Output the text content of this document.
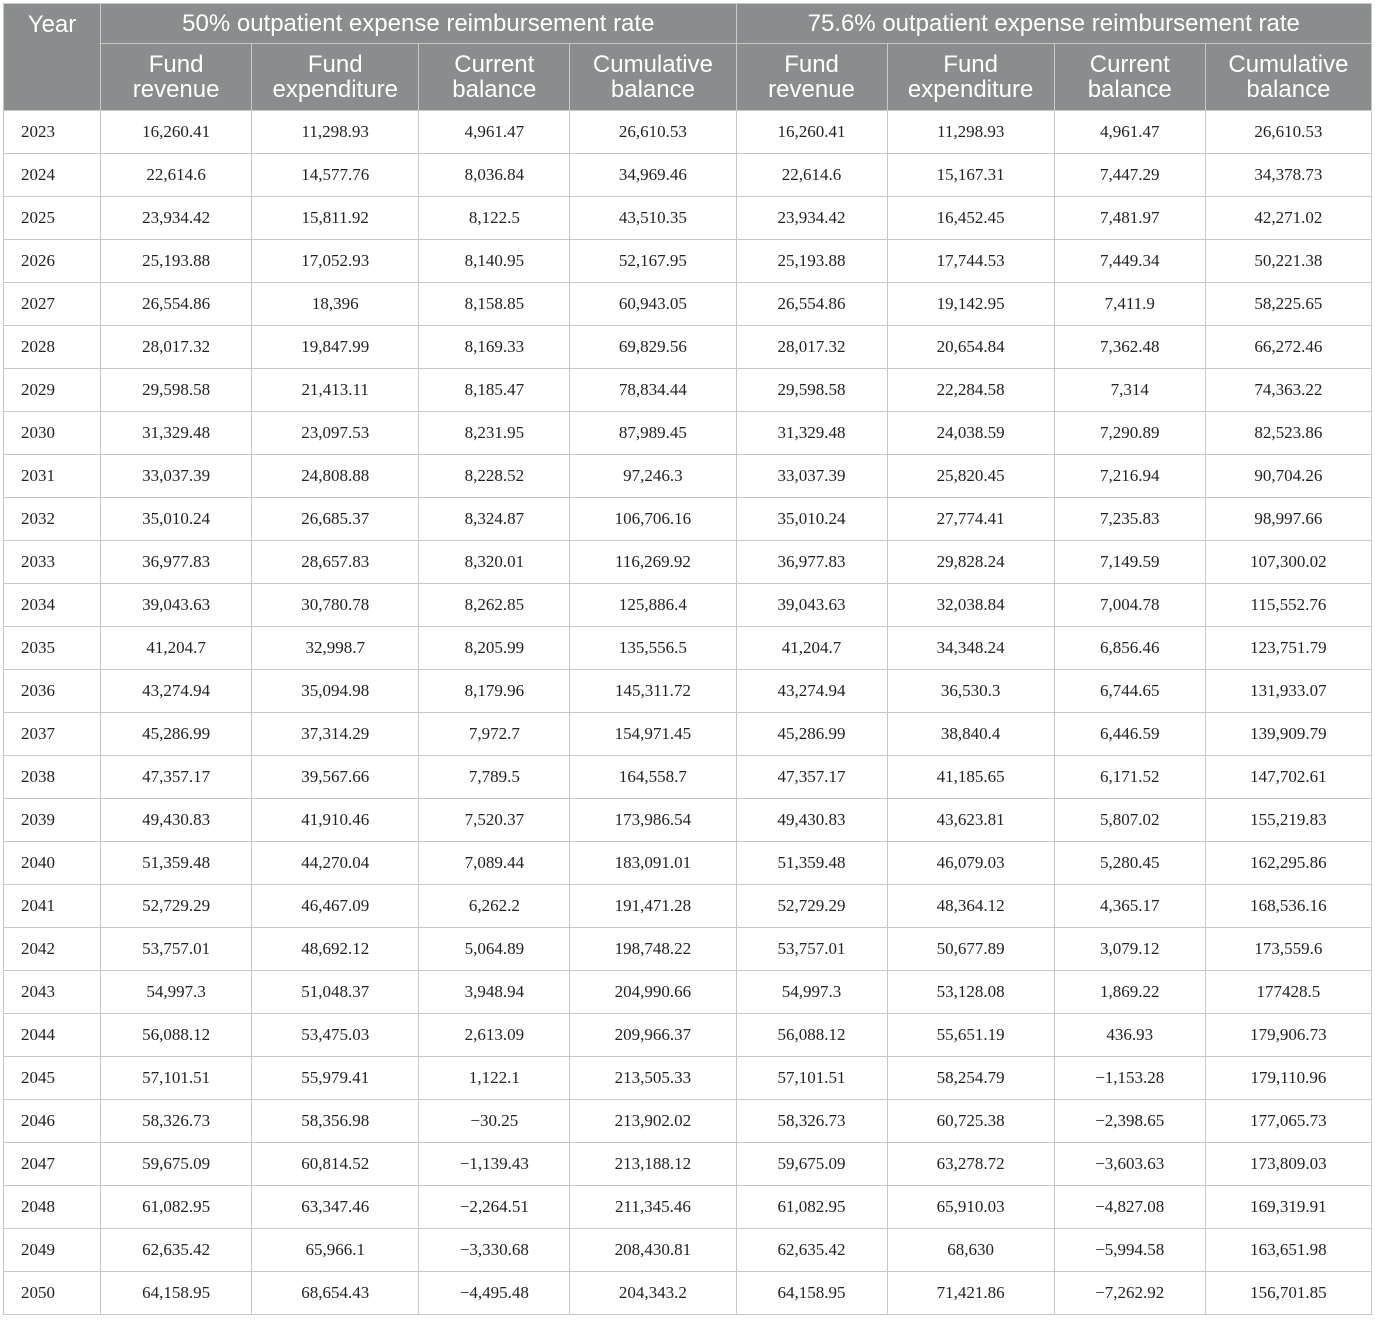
Year	50% outpatient expense reimbursement rate				75.6% outpatient expense reimbursement rate			
	Fund revenue	Fund expenditure	Current balance	Cumulative balance	Fund revenue	Fund expenditure	Current balance	Cumulative balance
2023	16,260.41	11,298.93	4,961.47	26,610.53	16,260.41	11,298.93	4,961.47	26,610.53
2024	22,614.6	14,577.76	8,036.84	34,969.46	22,614.6	15,167.31	7,447.29	34,378.73
2025	23,934.42	15,811.92	8,122.5	43,510.35	23,934.42	16,452.45	7,481.97	42,271.02
2026	25,193.88	17,052.93	8,140.95	52,167.95	25,193.88	17,744.53	7,449.34	50,221.38
2027	26,554.86	18,396	8,158.85	60,943.05	26,554.86	19,142.95	7,411.9	58,225.65
2028	28,017.32	19,847.99	8,169.33	69,829.56	28,017.32	20,654.84	7,362.48	66,272.46
2029	29,598.58	21,413.11	8,185.47	78,834.44	29,598.58	22,284.58	7,314	74,363.22
2030	31,329.48	23,097.53	8,231.95	87,989.45	31,329.48	24,038.59	7,290.89	82,523.86
2031	33,037.39	24,808.88	8,228.52	97,246.3	33,037.39	25,820.45	7,216.94	90,704.26
2032	35,010.24	26,685.37	8,324.87	106,706.16	35,010.24	27,774.41	7,235.83	98,997.66
2033	36,977.83	28,657.83	8,320.01	116,269.92	36,977.83	29,828.24	7,149.59	107,300.02
2034	39,043.63	30,780.78	8,262.85	125,886.4	39,043.63	32,038.84	7,004.78	115,552.76
2035	41,204.7	32,998.7	8,205.99	135,556.5	41,204.7	34,348.24	6,856.46	123,751.79
2036	43,274.94	35,094.98	8,179.96	145,311.72	43,274.94	36,530.3	6,744.65	131,933.07
2037	45,286.99	37,314.29	7,972.7	154,971.45	45,286.99	38,840.4	6,446.59	139,909.79
2038	47,357.17	39,567.66	7,789.5	164,558.7	47,357.17	41,185.65	6,171.52	147,702.61
2039	49,430.83	41,910.46	7,520.37	173,986.54	49,430.83	43,623.81	5,807.02	155,219.83
2040	51,359.48	44,270.04	7,089.44	183,091.01	51,359.48	46,079.03	5,280.45	162,295.86
2041	52,729.29	46,467.09	6,262.2	191,471.28	52,729.29	48,364.12	4,365.17	168,536.16
2042	53,757.01	48,692.12	5,064.89	198,748.22	53,757.01	50,677.89	3,079.12	173,559.6
2043	54,997.3	51,048.37	3,948.94	204,990.66	54,997.3	53,128.08	1,869.22	177428.5
2044	56,088.12	53,475.03	2,613.09	209,966.37	56,088.12	55,651.19	436.93	179,906.73
2045	57,101.51	55,979.41	1,122.1	213,505.33	57,101.51	58,254.79	−1,153.28	179,110.96
2046	58,326.73	58,356.98	−30.25	213,902.02	58,326.73	60,725.38	−2,398.65	177,065.73
2047	59,675.09	60,814.52	−1,139.43	213,188.12	59,675.09	63,278.72	−3,603.63	173,809.03
2048	61,082.95	63,347.46	−2,264.51	211,345.46	61,082.95	65,910.03	−4,827.08	169,319.91
2049	62,635.42	65,966.1	−3,330.68	208,430.81	62,635.42	68,630	−5,994.58	163,651.98
2050	64,158.95	68,654.43	−4,495.48	204,343.2	64,158.95	71,421.86	−7,262.92	156,701.85
